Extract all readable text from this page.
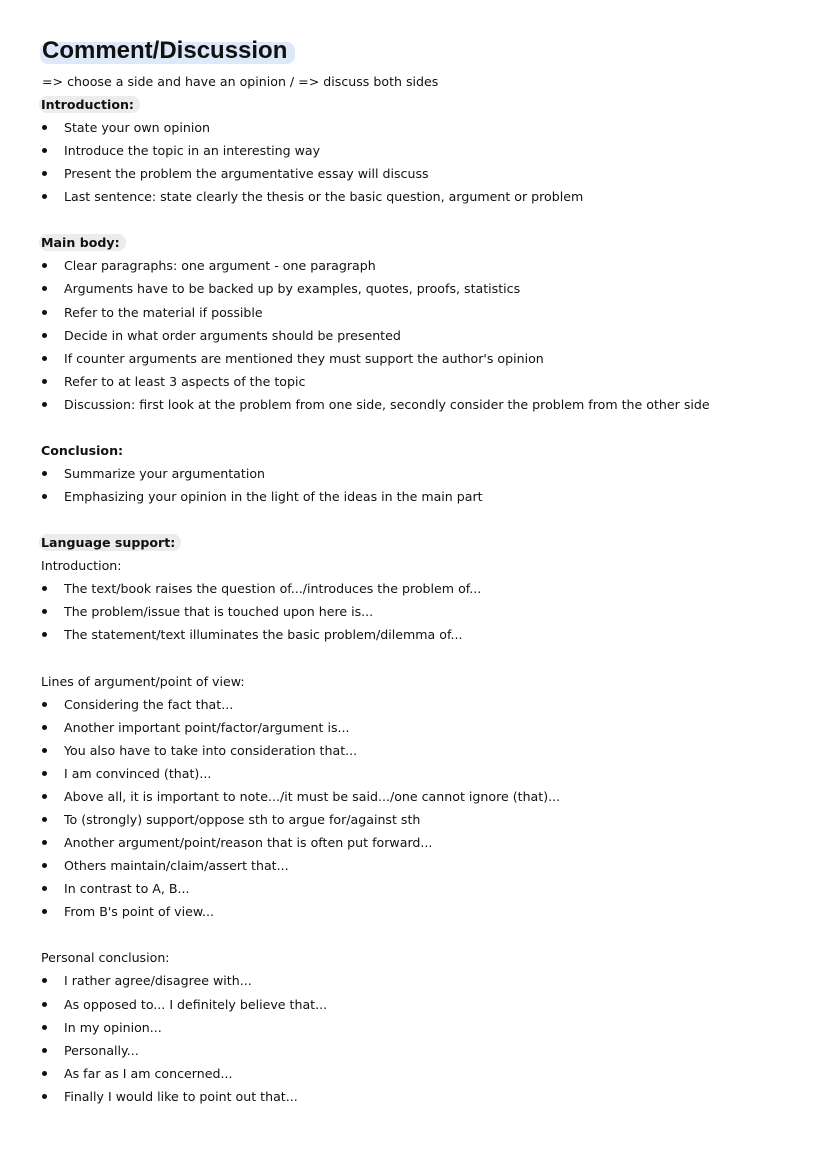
Comment/Discussion
=> choose a side and have an opinion / => discuss both sides
Introduction:
State your own opinion
Introduce the topic in an interesting way
Present the problem the argumentative essay will discuss
Last sentence: state clearly the thesis or the basic question, argument or problem
Main body:
Clear paragraphs: one argument - one paragraph
Arguments have to be backed up by examples, quotes, proofs, statistics
Refer to the material if possible
Decide in what order arguments should be presented
If counter arguments are mentioned they must support the author's opinion
Refer to at least 3 aspects of the topic
Discussion: first look at the problem from one side, secondly consider the problem from the other side
Conclusion:
Summarize your argumentation
Emphasizing your opinion in the light of the ideas in the main part
Language support:
Introduction:
The text/book raises the question of.../introduces the problem of...
The problem/issue that is touched upon here is...
The statement/text illuminates the basic problem/dilemma of...
Lines of argument/point of view:
Considering the fact that...
Another important point/factor/argument is...
You also have to take into consideration that...
I am convinced (that)...
Above all, it is important to note.../it must be said.../one cannot ignore (that)...
To (strongly) support/oppose sth to argue for/against sth
Another argument/point/reason that is often put forward...
Others maintain/claim/assert that...
In contrast to A, B...
From B's point of view...
Personal conclusion:
I rather agree/disagree with...
As opposed to... I definitely believe that...
In my opinion...
Personally...
As far as I am concerned...
Finally I would like to point out that...
